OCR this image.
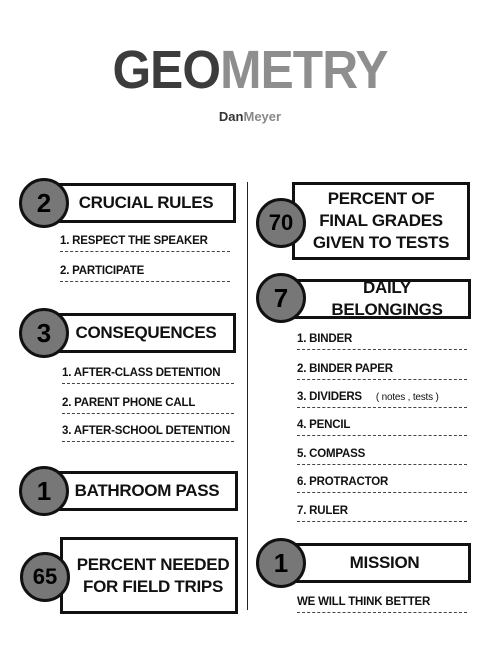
GEOMETRY
DanMeyer
CRUCIAL RULES
2
1. RESPECT THE SPEAKER
2. PARTICIPATE
CONSEQUENCES
3
1. AFTER-CLASS DETENTION
2. PARENT PHONE CALL
3. AFTER-SCHOOL DETENTION
BATHROOM PASS
1
PERCENT NEEDED
FOR FIELD TRIPS
65
PERCENT OF
FINAL GRADES
GIVEN TO TESTS
70
DAILY BELONGINGS
7
1. BINDER
2. BINDER PAPER
3. DIVIDERS ( notes , tests )
4. PENCIL
5. COMPASS
6. PROTRACTOR
7. RULER
MISSION
1
WE WILL THINK BETTER
